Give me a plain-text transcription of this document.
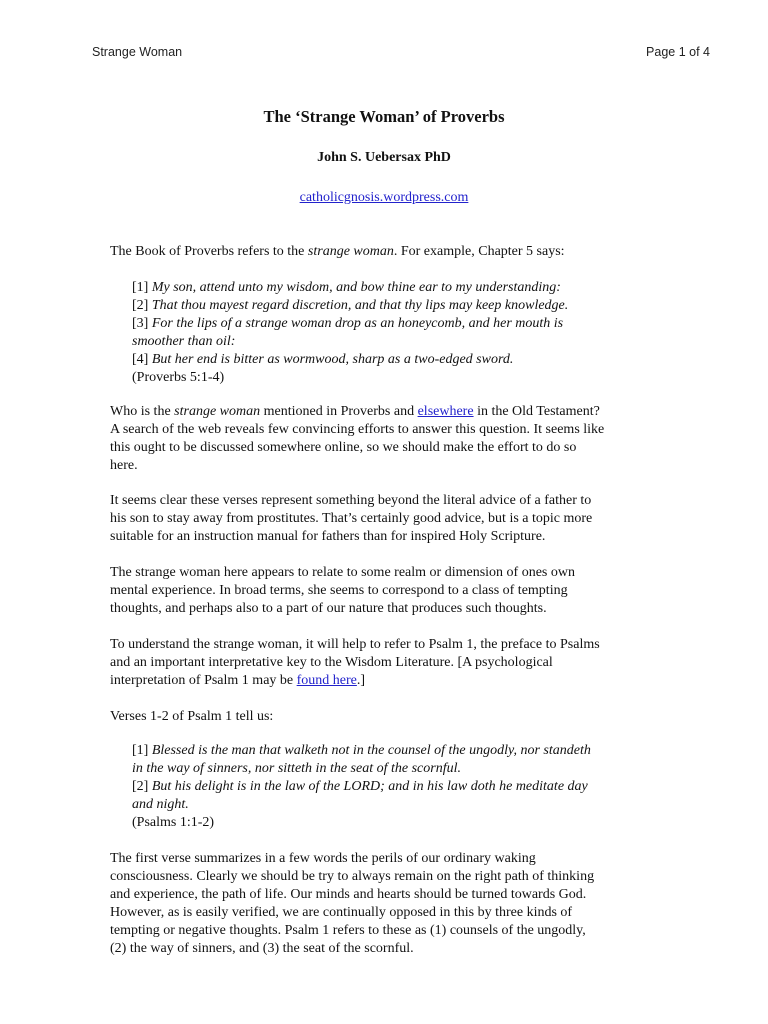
Strange Woman	Page 1 of 4
The ‘Strange Woman’ of Proverbs
John S. Uebersax PhD
catholicgnosis.wordpress.com
The Book of Proverbs refers to the strange woman. For example, Chapter 5 says:
[1] My son, attend unto my wisdom, and bow thine ear to my understanding:
[2] That thou mayest regard discretion, and that thy lips may keep knowledge.
[3] For the lips of a strange woman drop as an honeycomb, and her mouth is
smoother than oil:
[4] But her end is bitter as wormwood, sharp as a two-edged sword.
(Proverbs 5:1-4)
Who is the strange woman mentioned in Proverbs and elsewhere in the Old Testament?
A search of the web reveals few convincing efforts to answer this question. It seems like
this ought to be discussed somewhere online, so we should make the effort to do so
here.
It seems clear these verses represent something beyond the literal advice of a father to
his son to stay away from prostitutes. That’s certainly good advice, but is a topic more
suitable for an instruction manual for fathers than for inspired Holy Scripture.
The strange woman here appears to relate to some realm or dimension of ones own
mental experience. In broad terms, she seems to correspond to a class of tempting
thoughts, and perhaps also to a part of our nature that produces such thoughts.
To understand the strange woman, it will help to refer to Psalm 1, the preface to Psalms
and an important interpretative key to the Wisdom Literature. [A psychological
interpretation of Psalm 1 may be found here.]
Verses 1-2 of Psalm 1 tell us:
[1] Blessed is the man that walketh not in the counsel of the ungodly, nor standeth
in the way of sinners, nor sitteth in the seat of the scornful.
[2] But his delight is in the law of the LORD; and in his law doth he meditate day
and night.
(Psalms 1:1-2)
The first verse summarizes in a few words the perils of our ordinary waking
consciousness. Clearly we should be try to always remain on the right path of thinking
and experience, the path of life. Our minds and hearts should be turned towards God.
However, as is easily verified, we are continually opposed in this by three kinds of
tempting or negative thoughts. Psalm 1 refers to these as (1) counsels of the ungodly,
(2) the way of sinners, and (3) the seat of the scornful.
